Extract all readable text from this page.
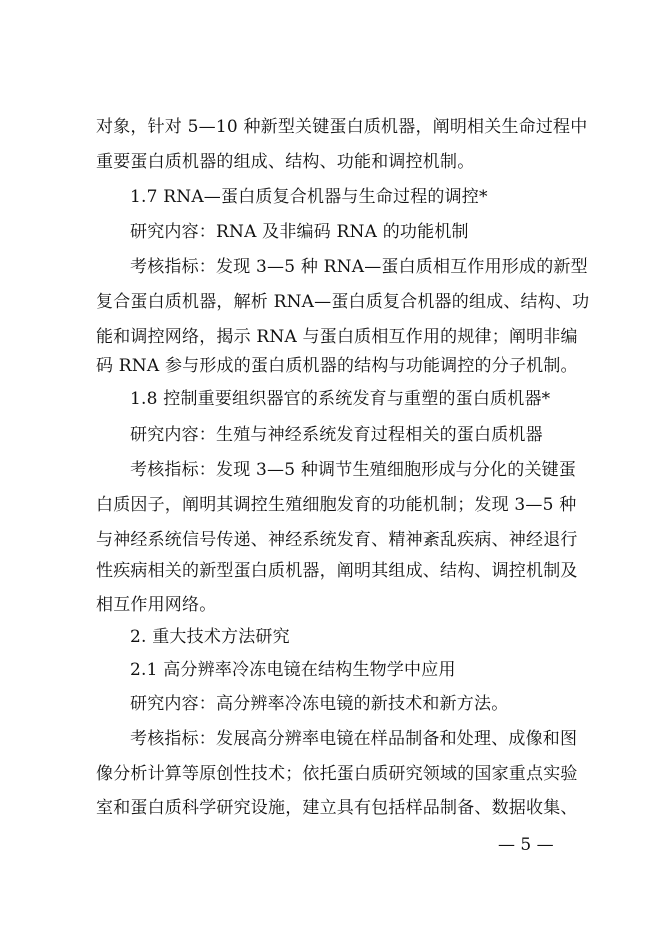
对象，针对 5—10 种新型关键蛋白质机器，阐明相关生命过程中
重要蛋白质机器的组成、结构、功能和调控机制。
1.7 RNA—蛋白质复合机器与生命过程的调控*
研究内容：RNA 及非编码 RNA 的功能机制
考核指标：发现 3—5 种 RNA—蛋白质相互作用形成的新型
复合蛋白质机器，解析 RNA—蛋白质复合机器的组成、结构、功
能和调控网络，揭示 RNA 与蛋白质相互作用的规律；阐明非编
码 RNA 参与形成的蛋白质机器的结构与功能调控的分子机制。
1.8 控制重要组织器官的系统发育与重塑的蛋白质机器*
研究内容：生殖与神经系统发育过程相关的蛋白质机器
考核指标：发现 3—5 种调节生殖细胞形成与分化的关键蛋
白质因子，阐明其调控生殖细胞发育的功能机制；发现 3—5 种
与神经系统信号传递、神经系统发育、精神紊乱疾病、神经退行
性疾病相关的新型蛋白质机器，阐明其组成、结构、调控机制及
相互作用网络。
2. 重大技术方法研究
2.1 高分辨率冷冻电镜在结构生物学中应用
研究内容：高分辨率冷冻电镜的新技术和新方法。
考核指标：发展高分辨率电镜在样品制备和处理、成像和图
像分析计算等原创性技术；依托蛋白质研究领域的国家重点实验
室和蛋白质科学研究设施，建立具有包括样品制备、数据收集、
— 5 —
